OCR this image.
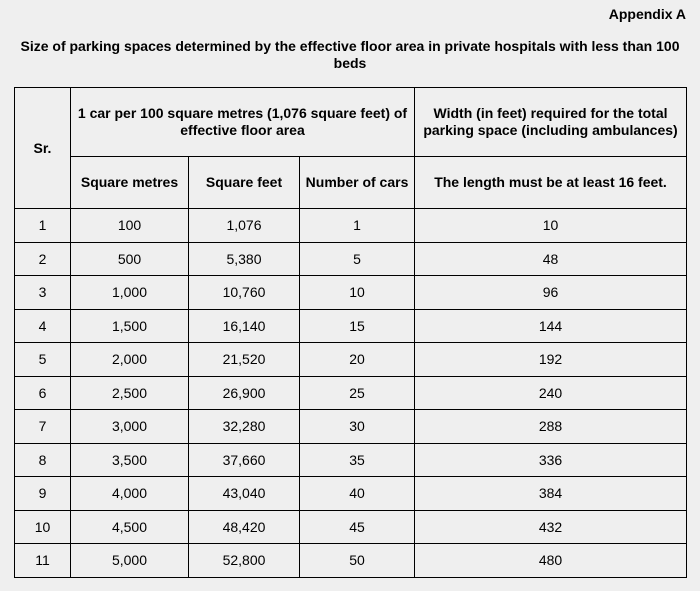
Appendix A
Size of parking spaces determined by the effective floor area in private hospitals with less than 100 beds
Sr.	1 car per 100 square metres (1,076 square feet) of effective floor area			Width (in feet) required for the total parking space (including ambulances)
	Square metres	Square feet	Number of cars	The length must be at least 16 feet.
1	100	1,076	1	10
2	500	5,380	5	48
3	1,000	10,760	10	96
4	1,500	16,140	15	144
5	2,000	21,520	20	192
6	2,500	26,900	25	240
7	3,000	32,280	30	288
8	3,500	37,660	35	336
9	4,000	43,040	40	384
10	4,500	48,420	45	432
11	5,000	52,800	50	480
